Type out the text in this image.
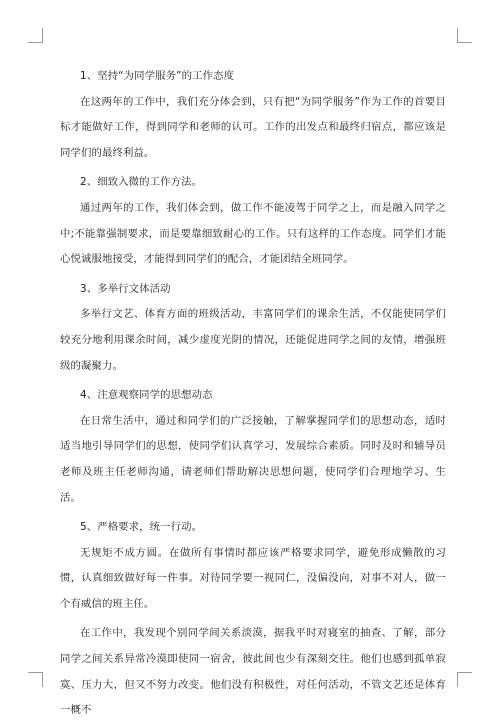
1、坚持“为同学服务”的工作态度

在这两年的工作中，我们充分体会到，只有把“为同学服务”作为工作的首要目标才能做好工作，得到同学和老师的认可。工作的出发点和最终归宿点，都应该是同学们的最终利益。

2、细致入微的工作方法。

通过两年的工作，我们体会到，做工作不能凌驾于同学之上，而是融入同学之中;不能靠强制要求，而是要靠细致耐心的工作。只有这样的工作态度。同学们才能心悦诚服地接受，才能得到同学们的配合，才能团结全班同学。

3、多举行文体活动

多举行文艺、体育方面的班级活动，丰富同学们的课余生活，不仅能使同学们较充分地利用课余时间，减少虚度光阴的情况，还能促进同学之间的友情，增强班级的凝聚力。

4、注意观察同学的思想动态

在日常生活中，通过和同学们的广泛接触，了解掌握同学们的思想动态，适时适当地引导同学们的思想，使同学们认真学习，发展综合素质。同时及时和辅导员老师及班主任老师沟通，请老师们帮助解决思想问题，使同学们合理地学习、生活。

5、严格要求，统一行动。

无规矩不成方圆。在做所有事情时都应该严格要求同学，避免形成懒散的习惯，认真细致做好每一件事。对待同学要一视同仁，没偏没向，对事不对人，做一个有威信的班主任。

在工作中，我发现个别同学间关系淡漠，据我平时对寝室的抽查、了解，部分同学之间关系异常冷漠即使同一宿舍，彼此间也少有深刻交往。他们也感到孤单寂寞、压力大，但又不努力改变。他们没有积极性，对任何活动，不管文艺还是体育一概不
